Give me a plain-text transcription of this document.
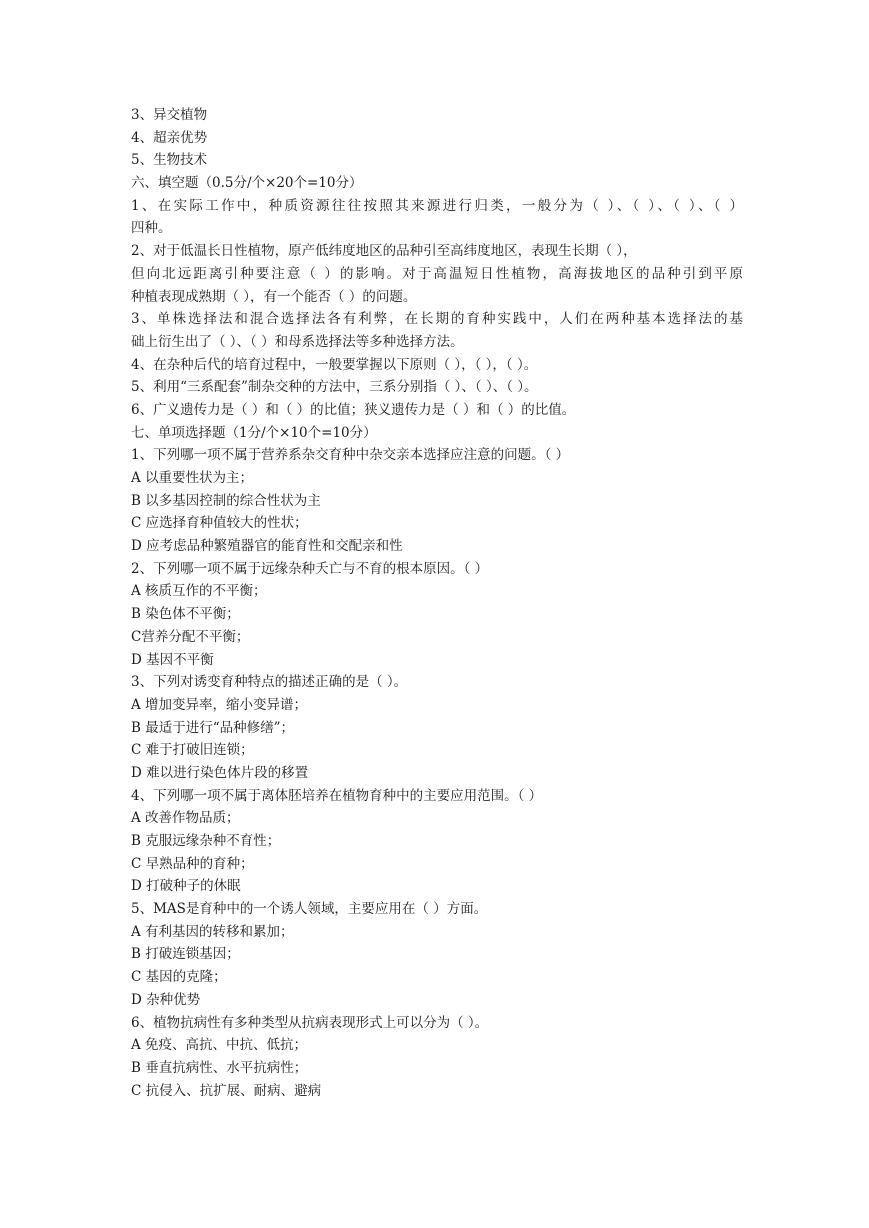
3、异交植物
4、超亲优势
5、生物技术
六、填空题（0.5分/个×20个=10分）
1、在实际工作中，种质资源往往按照其来源进行归类，一般分为（ ）、（ ）、（ ）、（ ）
四种。
2、对于低温长日性植物，原产低纬度地区的品种引至高纬度地区，表现生长期（ ），
但向北远距离引种要注意（ ）的影响。对于高温短日性植物，高海拔地区的品种引到平原
种植表现成熟期（ ），有一个能否（ ）的问题。
3、单株选择法和混合选择法各有利弊，在长期的育种实践中，人们在两种基本选择法的基
础上衍生出了（ ）、（ ）和母系选择法等多种选择方法。
4、在杂种后代的培育过程中，一般要掌握以下原则（ ），（ ），（ ）。
5、利用“三系配套”制杂交种的方法中，三系分别指（ ）、（ ）、（ ）。
6、广义遗传力是（ ）和（ ）的比值；狭义遗传力是（ ）和（ ）的比值。
七、单项选择题（1分/个×10个=10分）
1、下列哪一项不属于营养系杂交育种中杂交亲本选择应注意的问题。（ ）
A 以重要性状为主；
B 以多基因控制的综合性状为主
C 应选择育种值较大的性状；
D 应考虑品种繁殖器官的能育性和交配亲和性
2、下列哪一项不属于远缘杂种夭亡与不育的根本原因。（ ）
A 核质互作的不平衡；
B 染色体不平衡；
C营养分配不平衡；
D 基因不平衡
3、下列对诱变育种特点的描述正确的是（ ）。
A 增加变异率，缩小变异谱；
B 最适于进行“品种修缮”；
C 难于打破旧连锁；
D 难以进行染色体片段的移置
4、下列哪一项不属于离体胚培养在植物育种中的主要应用范围。（ ）
A 改善作物品质；
B 克服远缘杂种不育性；
C 早熟品种的育种；
D 打破种子的休眠
5、MAS是育种中的一个诱人领域，主要应用在（ ）方面。
A 有利基因的转移和累加；
B 打破连锁基因；
C 基因的克隆；
D 杂种优势
6、植物抗病性有多种类型从抗病表现形式上可以分为（ ）。
A 免疫、高抗、中抗、低抗；
B 垂直抗病性、水平抗病性；
C 抗侵入、抗扩展、耐病、避病
